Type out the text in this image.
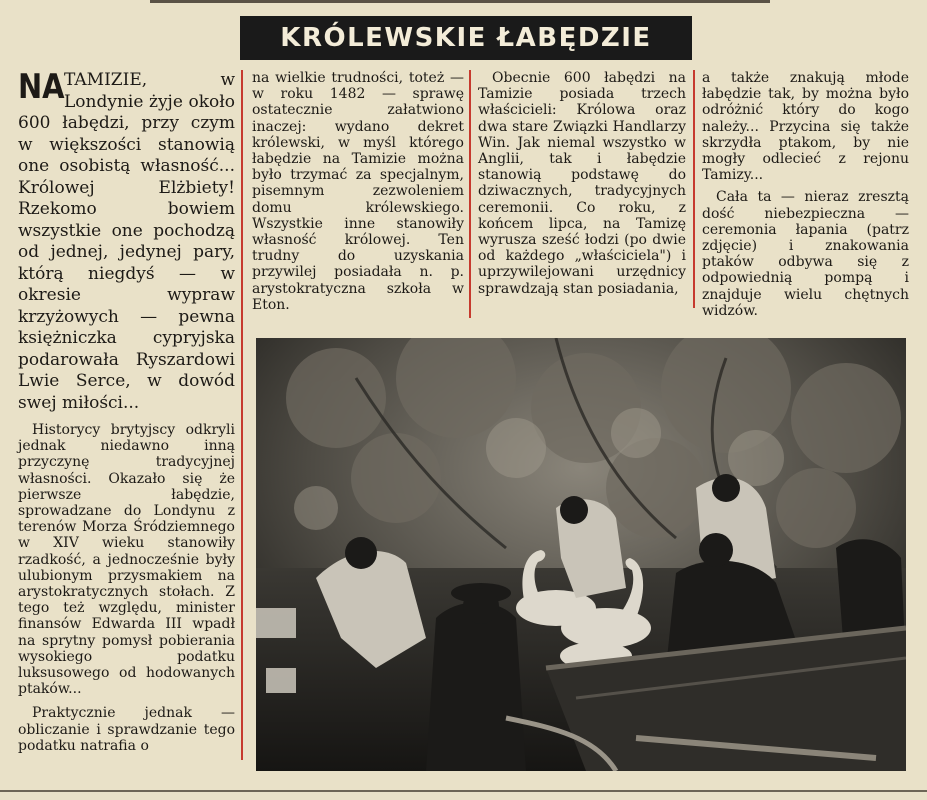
KRÓLEWSKIE ŁABĘDZIE

NA TAMIZIE, w Londynie żyje około 600 łabędzi, przy czym w większości stanowią one osobistą własność... Królowej Elżbiety! Rzekomo bowiem wszystkie one pochodzą od jednej, jedynej pary, którą niegdyś — w okresie wypraw krzyżowych — pewna księżniczka cypryjska podarowała Ryszardowi Lwie Serce, w dowód swej miłości...

Historycy brytyjscy odkryli jednak niedawno inną przyczynę tradycyjnej własności. Okazało się że pierwsze łabędzie, sprowadzane do Londynu z terenów Morza Śródziemnego w XIV wieku stanowiły rzadkość, a jednocześnie były ulubionym przysmakiem na arystokratycznych stołach. Z tego też względu, minister finansów Edwarda III wpadł na sprytny pomysł pobierania wysokiego podatku luksusowego od hodowanych ptaków...

Praktycznie jednak — obliczanie i sprawdzanie tego podatku natrafia o

na wielkie trudności, toteż — w roku 1482 — sprawę ostatecznie załatwiono inaczej: wydano dekret królewski, w myśl którego łabędzie na Tamizie można było trzymać za specjalnym, pisemnym zezwoleniem domu królewskiego. Wszystkie inne stanowiły własność królowej. Ten trudny do uzyskania przywilej posiadała n. p. arystokratyczna szkoła w Eton.

Obecnie 600 łabędzi na Tamizie posiada trzech właścicieli: Królowa oraz dwa stare Związki Handlarzy Win. Jak niemal wszystko w Anglii, tak i łabędzie stanowią podstawę do dziwacznych, tradycyjnych ceremonii. Co roku, z końcem lipca, na Tamizę wyrusza sześć łodzi (po dwie od każdego „właściciela") i uprzywilejowani urzędnicy sprawdzają stan posiadania,

a także znakują młode łabędzie tak, by można było odróżnić który do kogo należy... Przycina się także skrzydła ptakom, by nie mogły odlecieć z rejonu Tamizy...

Cała ta — nieraz zresztą dość niebezpieczna — ceremonia łapania (patrz zdjęcie) i znakowania ptaków odbywa się z odpowiednią pompą i znajduje wielu chętnych widzów.
